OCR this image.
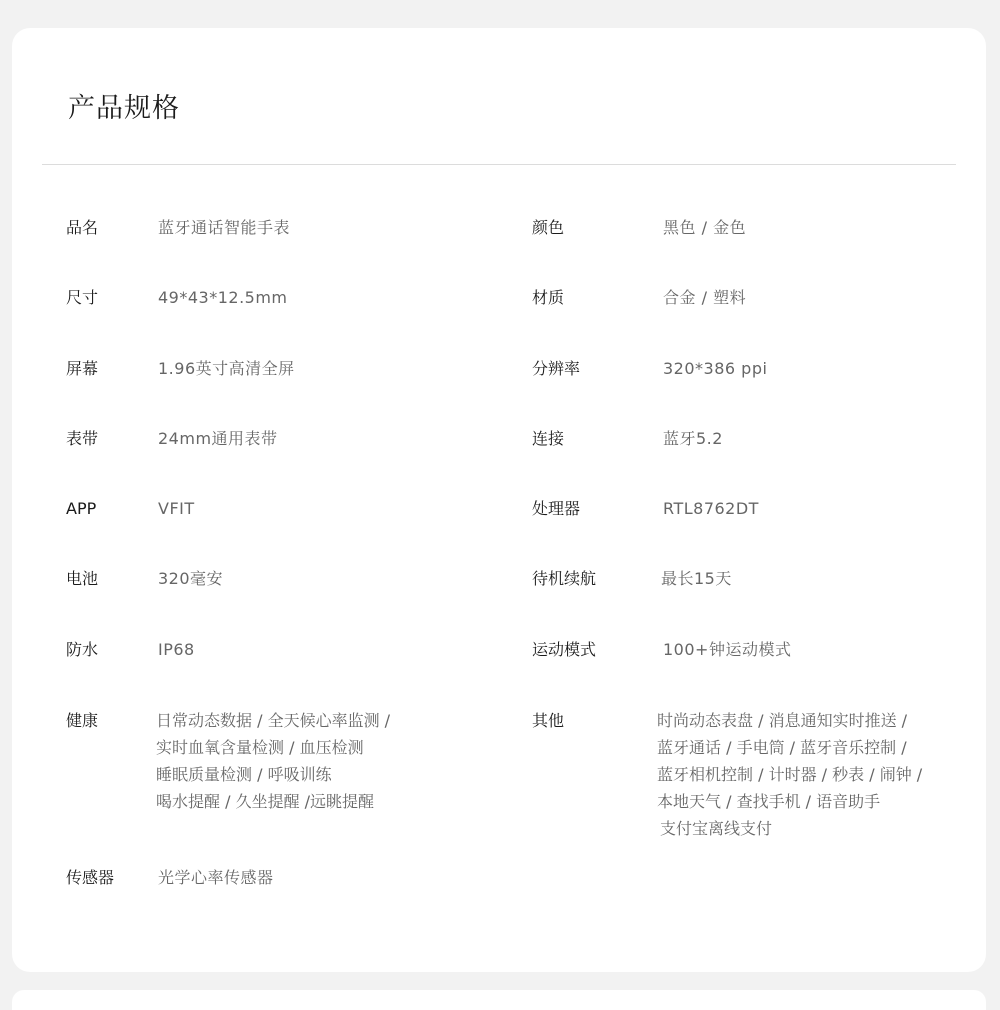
产品规格
品名	蓝牙通话智能手表	颜色	黑色 / 金色
尺寸	49*43*12.5mm	材质	合金 / 塑料
屏幕	1.96英寸高清全屏	分辨率	320*386 ppi
表带	24mm通用表带	连接	蓝牙5.2
APP	VFIT	处理器	RTL8762DT
电池	320毫安	待机续航	最长15天
防水	IP68	运动模式	100+钟运动模式
健康	日常动态数据 / 全天候心率监测 /
实时血氧含量检测 / 血压检测
睡眠质量检测 / 呼吸训练
喝水提醒 / 久坐提醒 /远眺提醒
其他	时尚动态表盘 / 消息通知实时推送 /
蓝牙通话 / 手电筒 / 蓝牙音乐控制 /
蓝牙相机控制 / 计时器 / 秒表 / 闹钟 /
本地天气 / 查找手机 / 语音助手
支付宝离线支付
传感器	光学心率传感器
